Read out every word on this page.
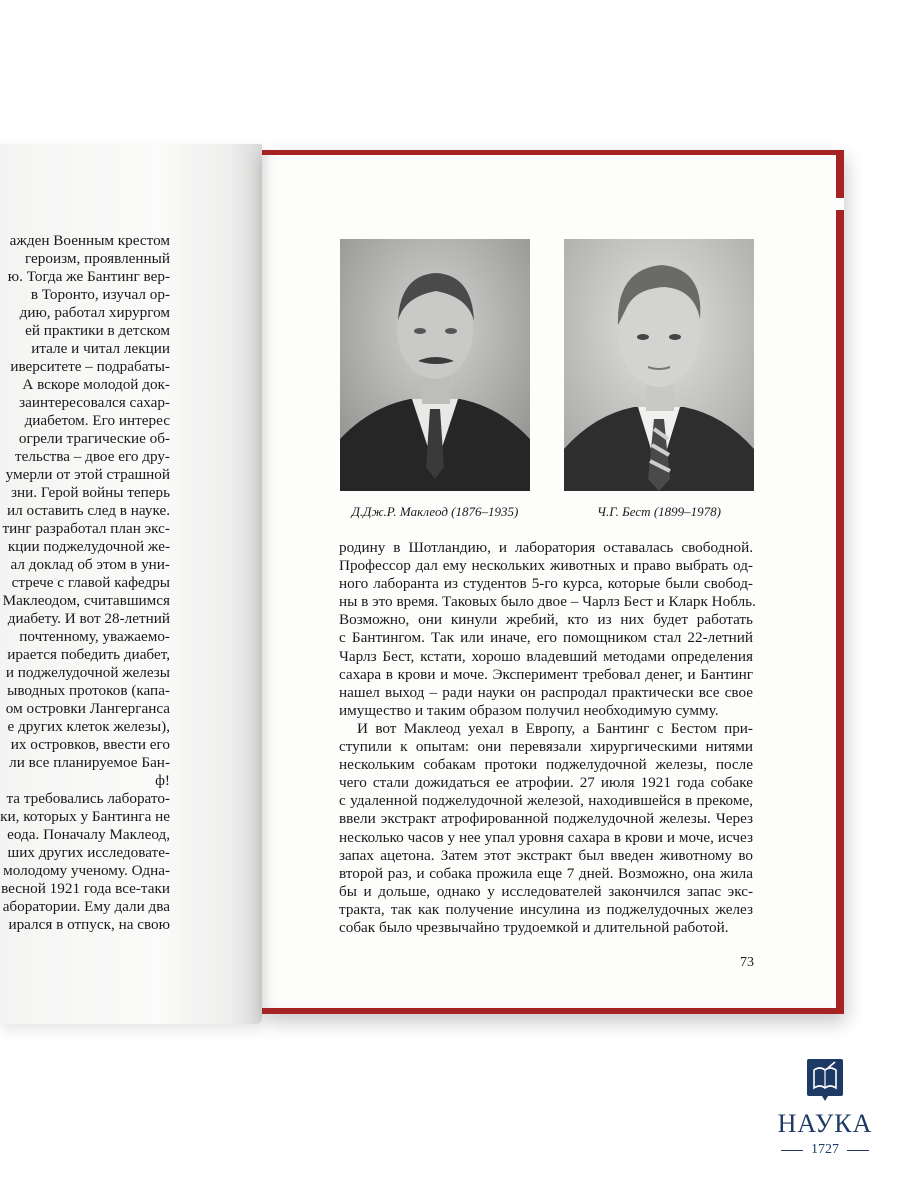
ажден Военным крестом
героизм, проявленный
ю. Тогда же Бантинг вер-
в Торонто, изучал ор-
дию, работал хирургом
ей практики в детском
итале и читал лекции
иверситете – подрабаты-
А вскоре молодой док-
заинтересовался сахар-
диабетом. Его интерес
огрели трагические об-
тельства – двое его дру-
умерли от этой страшной
зни. Герой войны теперь
ил оставить след в науке.
тинг разработал план экс-
кции поджелудочной же-
ал доклад об этом в уни-
стрече с главой кафедры
Маклеодом, считавшимся
диабету. И вот 28-летний
почтенному, уважаемо-
ирается победить диабет,
и поджелудочной железы
ыводных протоков (капа-
ом островки Лангерганса
е других клеток железы),
их островков, ввести его
ли все планируемое Бан-
ф!
та требовались лаборато-
ки, которых у Бантинга не
еода. Поначалу Маклеод,
ших других исследовате-
молодому ученому. Одна-
весной 1921 года все-таки
аборатории. Ему дали два
ирался в отпуск, на свою
Д.Дж.Р. Маклеод (1876–1935)	Ч.Г. Бест (1899–1978)
родину в Шотландию, и лаборатория оставалась свободной.
Профессор дал ему нескольких животных и право выбрать од-
ного лаборанта из студентов 5-го курса, которые были свобод-
ны в это время. Таковых было двое – Чарлз Бест и Кларк Нобль.
Возможно, они кинули жребий, кто из них будет работать
с Бантингом. Так или иначе, его помощником стал 22-летний
Чарлз Бест, кстати, хорошо владевший методами определения
сахара в крови и моче. Эксперимент требовал денег, и Бантинг
нашел выход – ради науки он распродал практически все свое
имущество и таким образом получил необходимую сумму.
И вот Маклеод уехал в Европу, а Бантинг с Бестом при-
ступили к опытам: они перевязали хирургическими нитями
нескольким собакам протоки поджелудочной железы, после
чего стали дожидаться ее атрофии. 27 июля 1921 года собаке
с удаленной поджелудочной железой, находившейся в прекоме,
ввели экстракт атрофированной поджелудочной железы. Через
несколько часов у нее упал уровня сахара в крови и моче, исчез
запах ацетона. Затем этот экстракт был введен животному во
второй раз, и собака прожила еще 7 дней. Возможно, она жила
бы и дольше, однако у исследователей закончился запас экс-
тракта, так как получение инсулина из поджелудочных желез
собак было чрезвычайно трудоемкой и длительной работой.
73
НАУКА
1727
